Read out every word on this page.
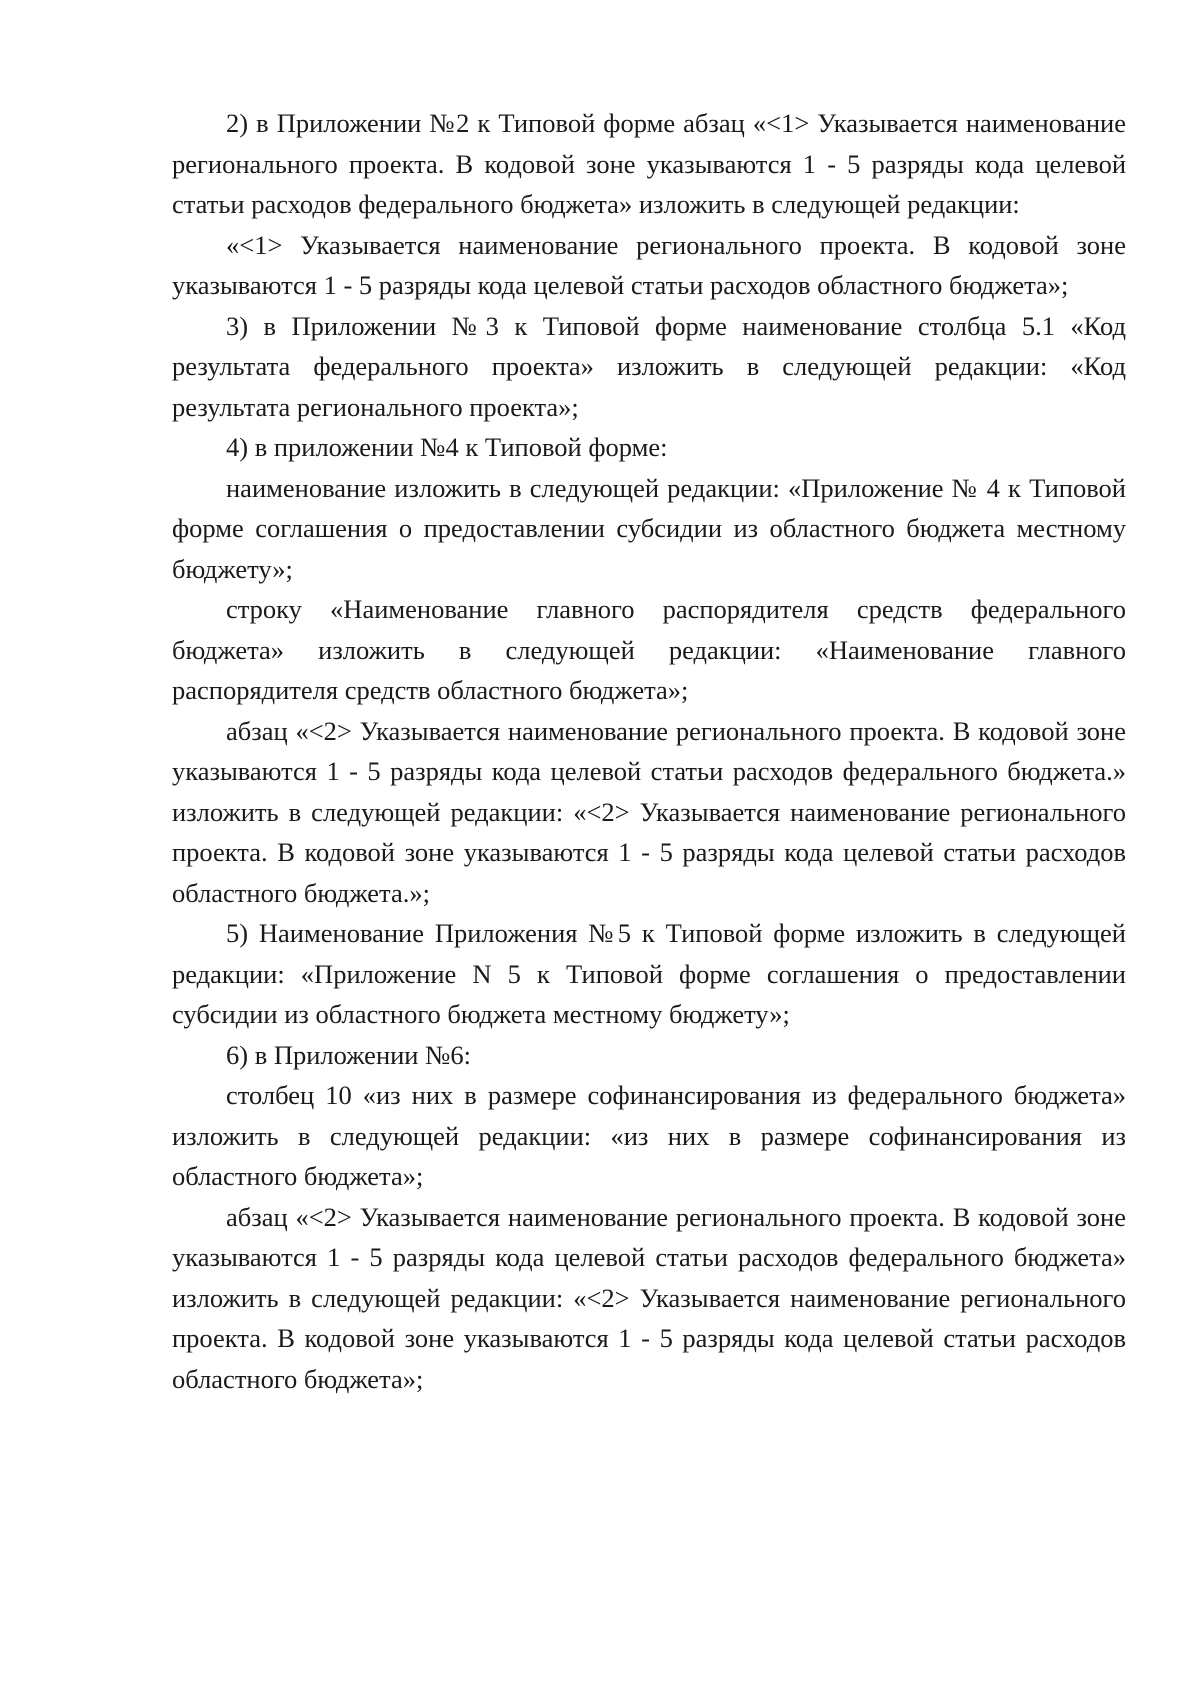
2) в Приложении №2 к Типовой форме абзац «<1> Указывается наименование регионального проекта. В кодовой зоне указываются 1 - 5 разряды кода целевой статьи расходов федерального бюджета» изложить в следующей редакции:

«<1> Указывается наименование регионального проекта. В кодовой зоне указываются 1 - 5 разряды кода целевой статьи расходов областного бюджета»;

3) в Приложении №3 к Типовой форме наименование столбца 5.1 «Код результата федерального проекта» изложить в следующей редакции: «Код результата регионального проекта»;

4) в приложении №4 к Типовой форме:

наименование изложить в следующей редакции: «Приложение № 4 к Типовой форме соглашения о предоставлении субсидии из областного бюджета местному бюджету»;

строку «Наименование главного распорядителя средств федерального бюджета» изложить в следующей редакции: «Наименование главного распорядителя средств областного бюджета»;

абзац «<2> Указывается наименование регионального проекта. В кодовой зоне указываются 1 - 5 разряды кода целевой статьи расходов федерального бюджета.» изложить в следующей редакции: «<2> Указывается наименование регионального проекта. В кодовой зоне указываются 1 - 5 разряды кода целевой статьи расходов областного бюджета.»;

5) Наименование Приложения №5 к Типовой форме изложить в следующей редакции: «Приложение N 5 к Типовой форме соглашения о предоставлении субсидии из областного бюджета местному бюджету»;

6) в Приложении №6:

столбец 10 «из них в размере софинансирования из федерального бюджета» изложить в следующей редакции: «из них в размере софинансирования из областного бюджета»;

абзац «<2> Указывается наименование регионального проекта. В кодовой зоне указываются 1 - 5 разряды кода целевой статьи расходов федерального бюджета» изложить в следующей редакции: «<2> Указывается наименование регионального проекта. В кодовой зоне указываются 1 - 5 разряды кода целевой статьи расходов областного бюджета»;
